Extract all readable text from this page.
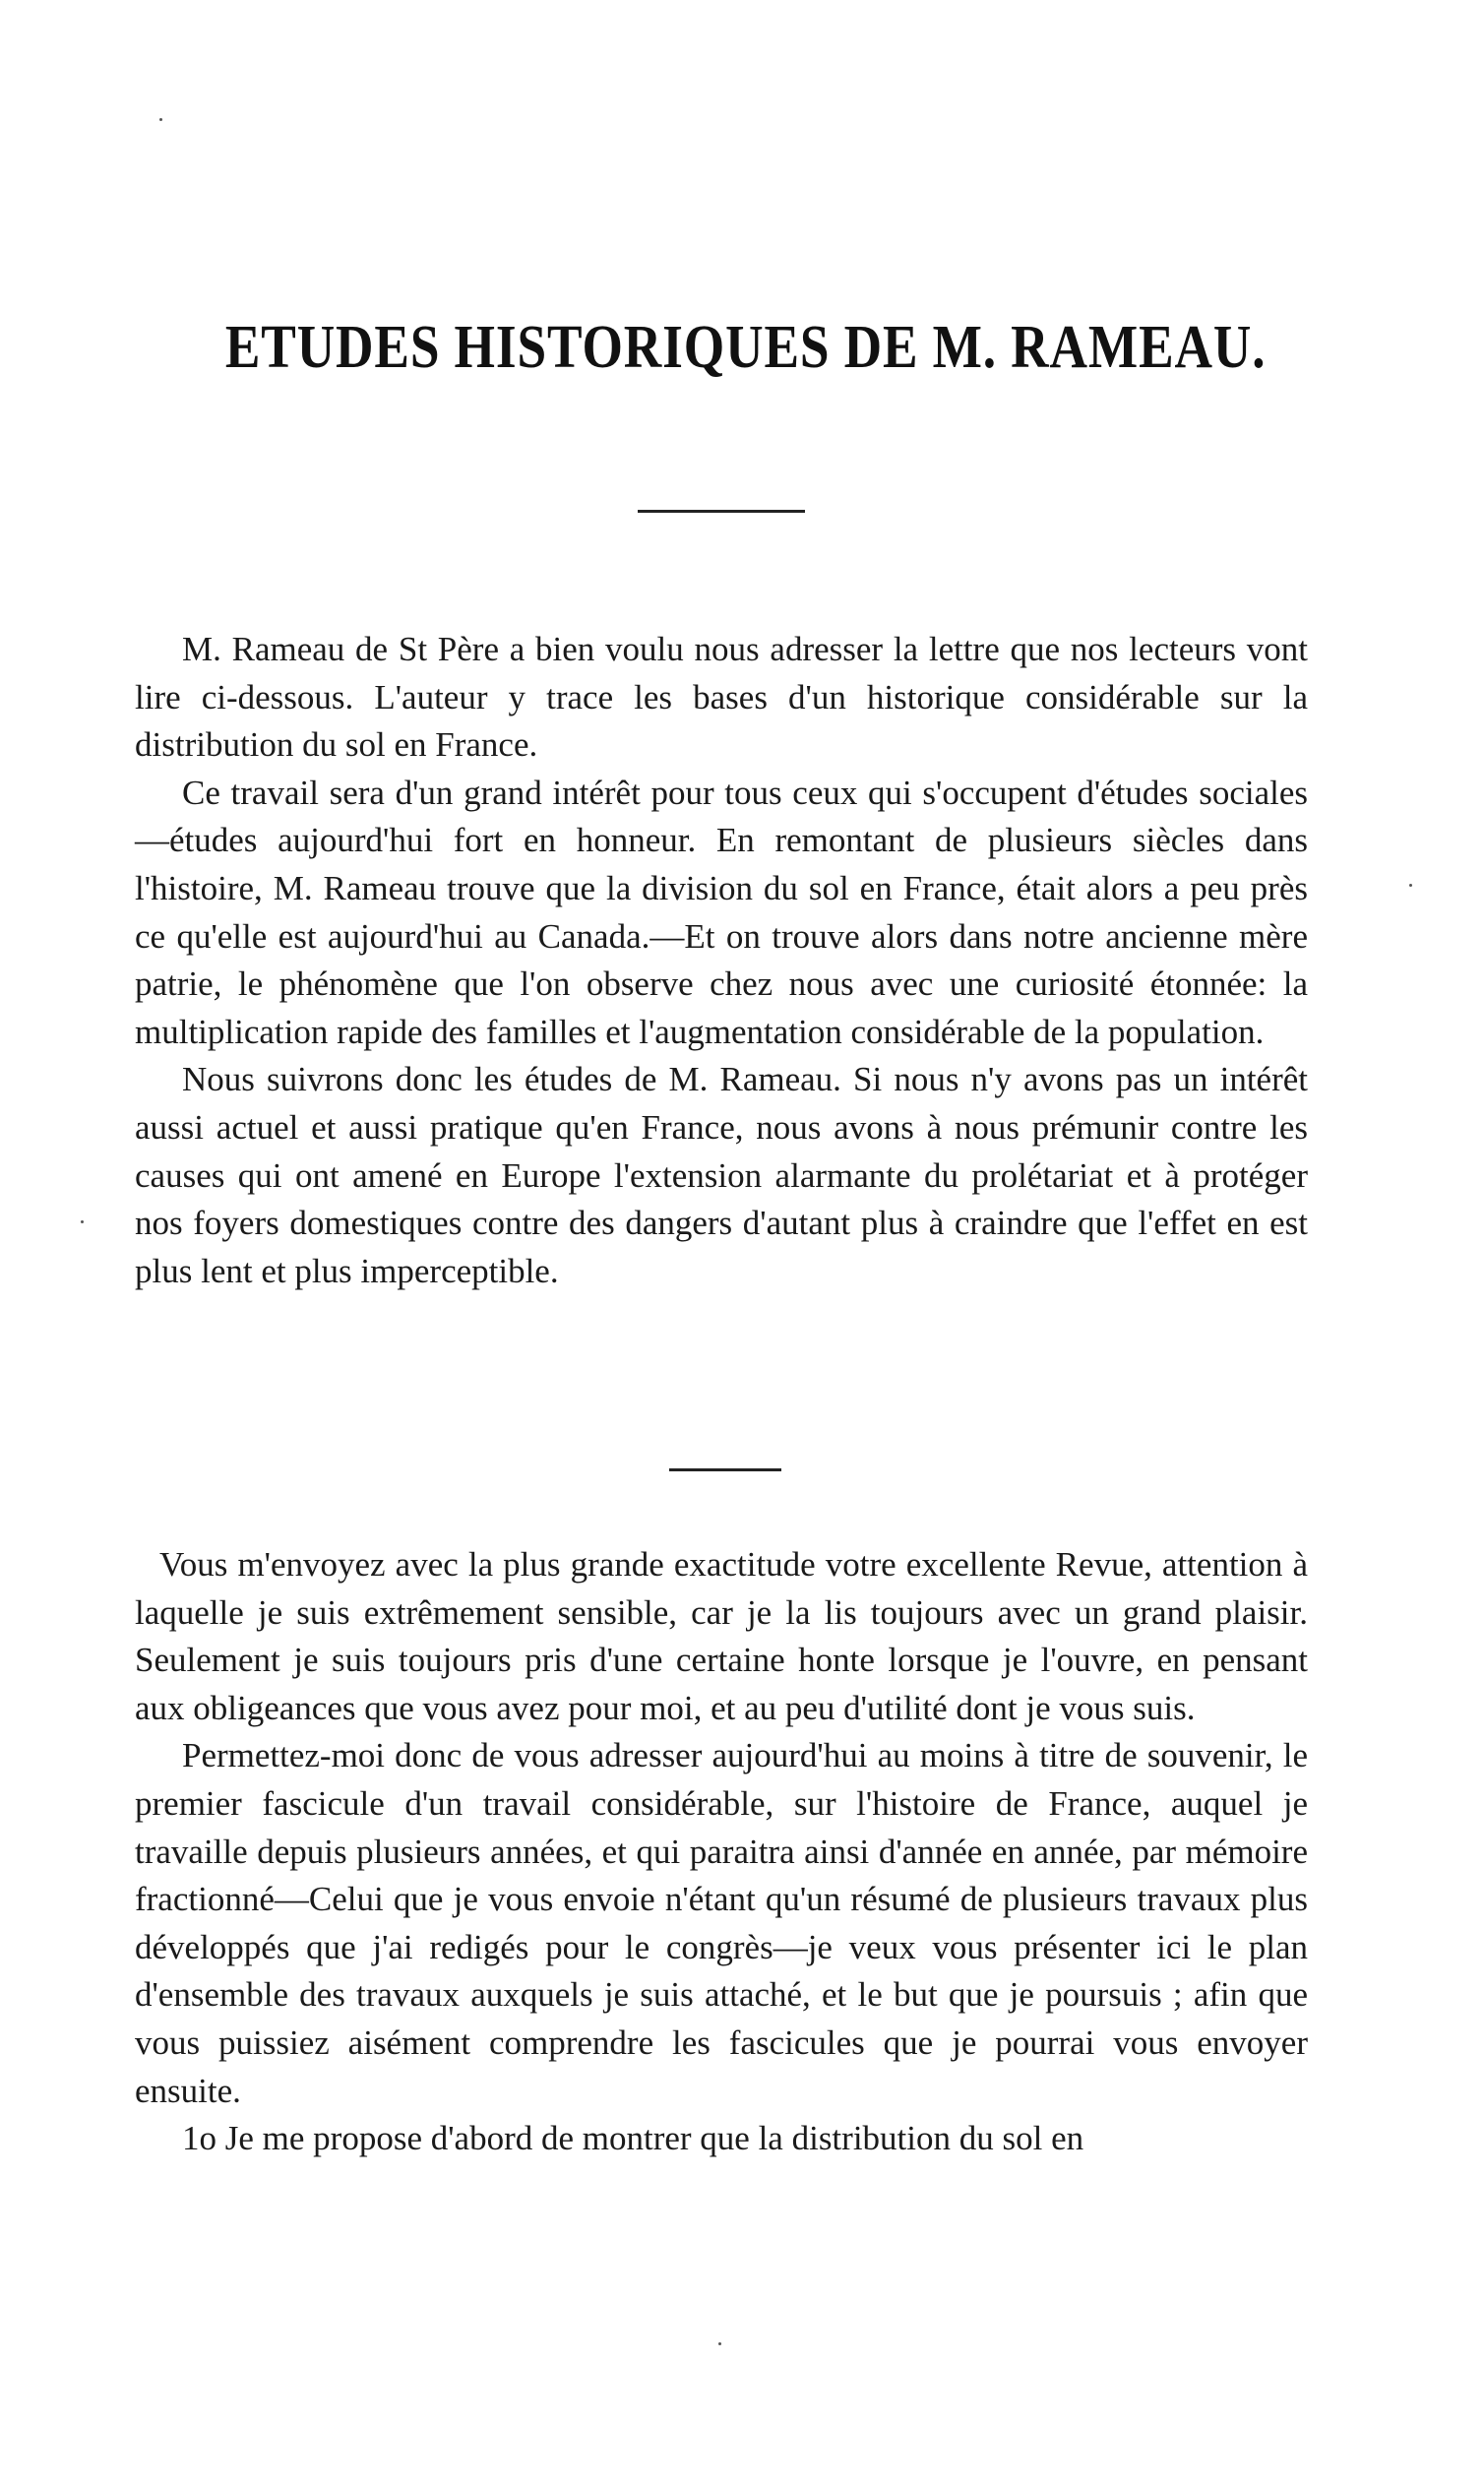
ETUDES HISTORIQUES DE M. RAMEAU.

M. Rameau de St Père a bien voulu nous adresser la lettre que nos lecteurs vont lire ci-dessous. L'auteur y trace les bases d'un historique considérable sur la distribution du sol en France.

Ce travail sera d'un grand intérêt pour tous ceux qui s'occupent d'études sociales—études aujourd'hui fort en honneur. En remontant de plusieurs siècles dans l'histoire, M. Rameau trouve que la division du sol en France, était alors a peu près ce qu'elle est aujourd'hui au Canada.—Et on trouve alors dans notre ancienne mère patrie, le phénomène que l'on observe chez nous avec une curiosité étonnée: la multiplication rapide des familles et l'augmentation considérable de la population.

Nous suivrons donc les études de M. Rameau. Si nous n'y avons pas un intérêt aussi actuel et aussi pratique qu'en France, nous avons à nous prémunir contre les causes qui ont amené en Europe l'extension alarmante du prolétariat et à protéger nos foyers domestiques contre des dangers d'autant plus à craindre que l'effet en est plus lent et plus imperceptible.

Vous m'envoyez avec la plus grande exactitude votre excellente Revue, attention à laquelle je suis extrêmement sensible, car je la lis toujours avec un grand plaisir. Seulement je suis toujours pris d'une certaine honte lorsque je l'ouvre, en pensant aux obligeances que vous avez pour moi, et au peu d'utilité dont je vous suis.

Permettez-moi donc de vous adresser aujourd'hui au moins à titre de souvenir, le premier fascicule d'un travail considérable, sur l'histoire de France, auquel je travaille depuis plusieurs années, et qui paraitra ainsi d'année en année, par mémoire fractionné—Celui que je vous envoie n'étant qu'un résumé de plusieurs travaux plus développés que j'ai redigés pour le congrès—je veux vous présenter ici le plan d'ensemble des travaux auxquels je suis attaché, et le but que je poursuis ; afin que vous puissiez aisément comprendre les fascicules que je pourrai vous envoyer ensuite.

1o Je me propose d'abord de montrer que la distribution du sol en
